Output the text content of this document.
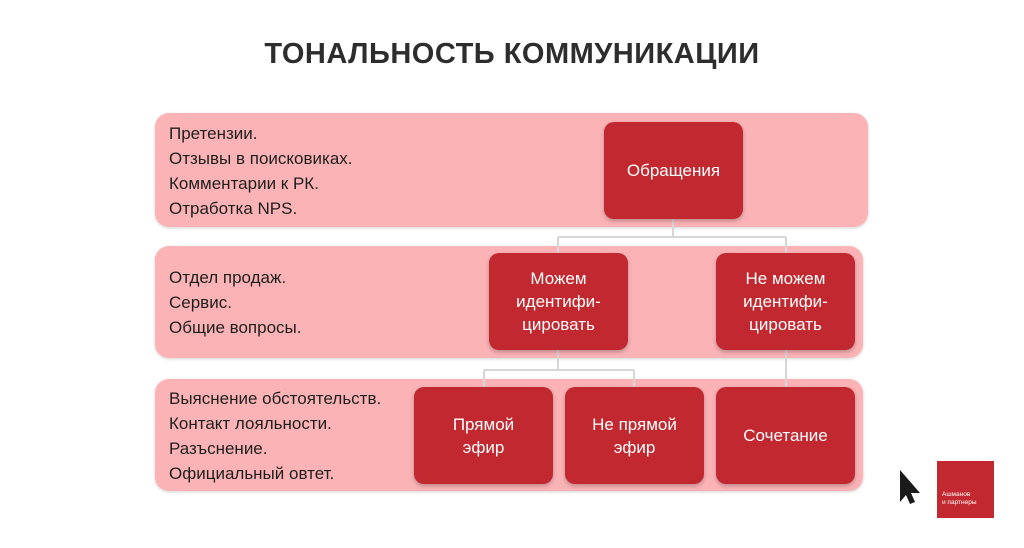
ТОНАЛЬНОСТЬ КОММУНИКАЦИИ
Претензии.
Отзывы в поисковиках.
Комментарии к РК.
Отработка NPS.
Отдел продаж.
Сервис.
Общие вопросы.
Выяснение обстоятельств.
Контакт лояльности.
Разъснение.
Официальный овтет.
Обращения
Можем
идентифи-
цировать
Не можем
идентифи-
цировать
Прямой
эфир
Не прямой
эфир
Сочетание
Ашманов
и партнеры
